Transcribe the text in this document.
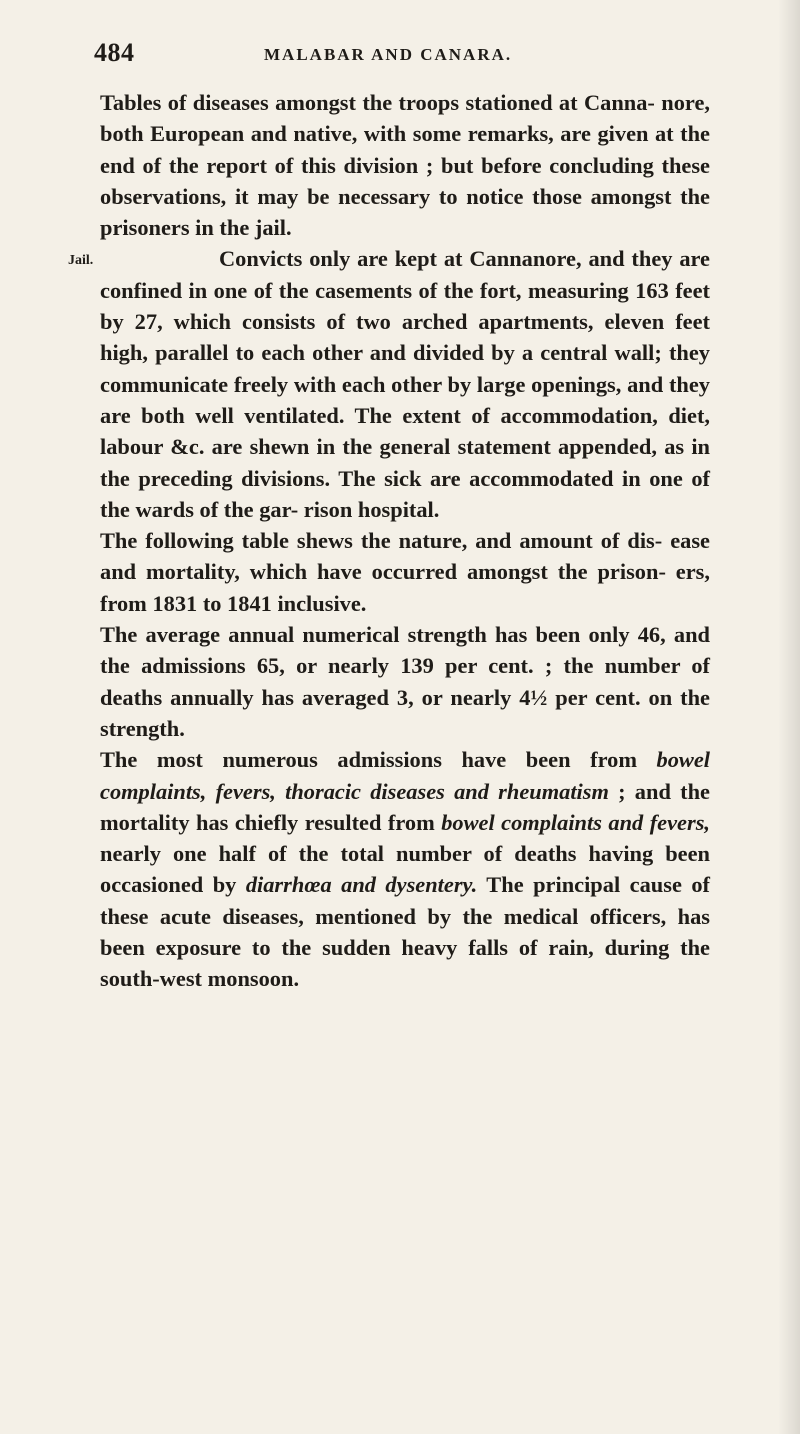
484	MALABAR AND CANARA.

Tables of diseases amongst the troops stationed at Canna- nore, both European and native, with some remarks, are given at the end of the report of this division ; but before concluding these observations, it may be necessary to notice those amongst the prisoners in the jail.

Jail.	Convicts only are kept at Cannanore, and they are confined in one of the casements of the fort, measuring 163 feet by 27, which consists of two arched apartments, eleven feet high, parallel to each other and divided by a central wall; they communicate freely with each other by large openings, and they are both well ventilated. The extent of accommodation, diet, labour &c. are shewn in the general statement appended, as in the preceding divisions. The sick are accommodated in one of the wards of the gar- rison hospital.

The following table shews the nature, and amount of dis- ease and mortality, which have occurred amongst the prison- ers, from 1831 to 1841 inclusive.

The average annual numerical strength has been only 46, and the admissions 65, or nearly 139 per cent. ; the number of deaths annually has averaged 3, or nearly 4½ per cent. on the strength.

The most numerous admissions have been from bowel complaints, fevers, thoracic diseases and rheumatism ; and the mortality has chiefly resulted from bowel complaints and fevers, nearly one half of the total number of deaths having been occasioned by diarrhœa and dysentery. The principal cause of these acute diseases, mentioned by the medical officers, has been exposure to the sudden heavy falls of rain, during the south-west monsoon.
